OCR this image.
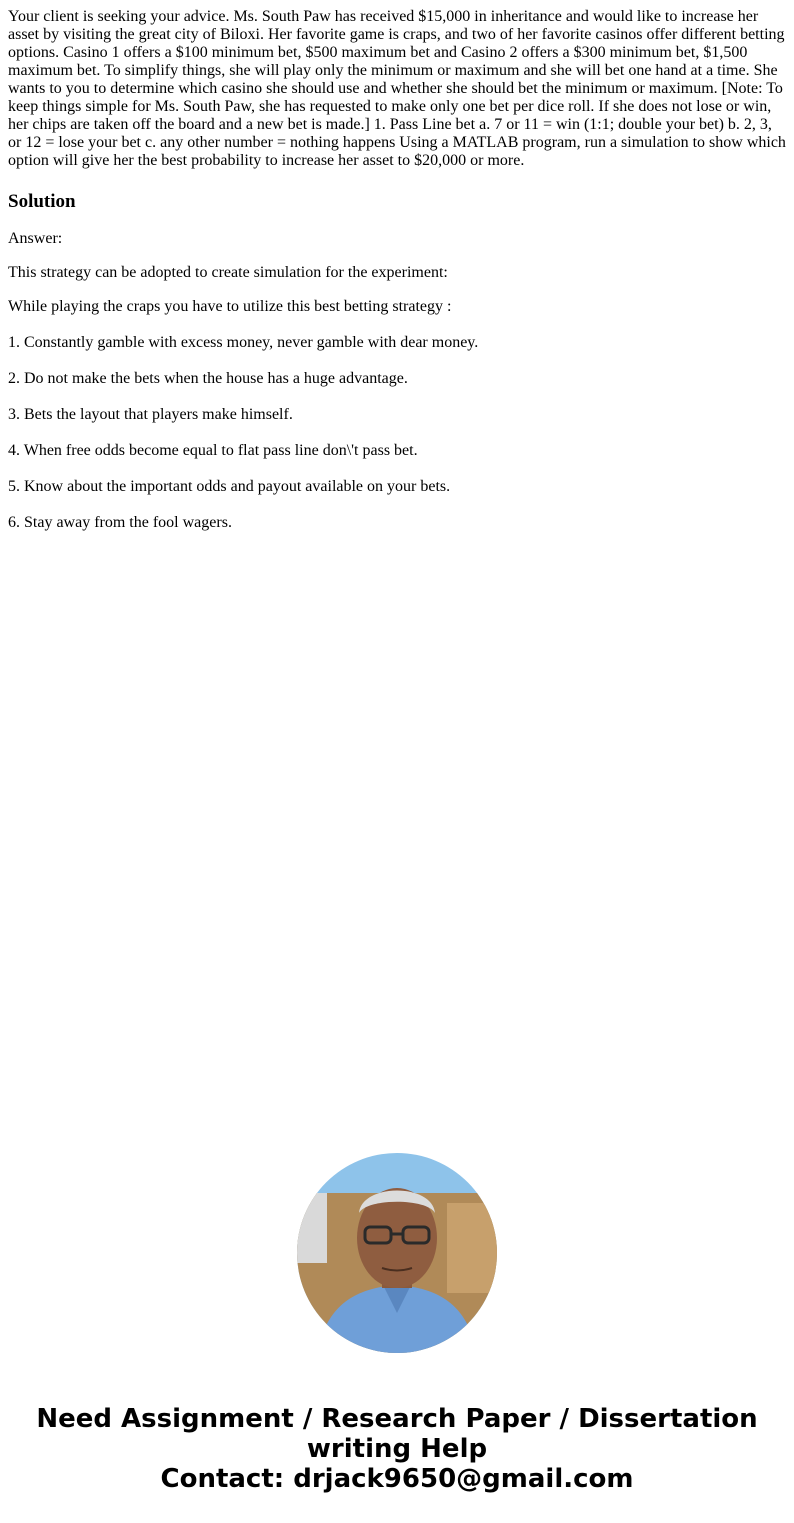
Your client is seeking your advice. Ms. South Paw has received $15,000 in inheritance and would like to increase her asset by visiting the great city of Biloxi. Her favorite game is craps, and two of her favorite casinos offer different betting options. Casino 1 offers a $100 minimum bet, $500 maximum bet and Casino 2 offers a $300 minimum bet, $1,500 maximum bet. To simplify things, she will play only the minimum or maximum and she will bet one hand at a time. She wants to you to determine which casino she should use and whether she should bet the minimum or maximum. [Note: To keep things simple for Ms. South Paw, she has requested to make only one bet per dice roll. If she does not lose or win, her chips are taken off the board and a new bet is made.] 1. Pass Line bet a. 7 or 11 = win (1:1; double your bet) b. 2, 3, or 12 = lose your bet c. any other number = nothing happens Using a MATLAB program, run a simulation to show which option will give her the best probability to increase her asset to $20,000 or more.

Solution

Answer:

This strategy can be adopted to create simulation for the experiment:

While playing the craps you have to utilize this best betting strategy :

1. Constantly gamble with excess money, never gamble with dear money.
2. Do not make the bets when the house has a huge advantage.
3. Bets the layout that players make himself.
4. When free odds become equal to flat pass line don\'t pass bet.
5. Know about the important odds and payout available on your bets.
6. Stay away from the fool wagers.
Need Assignment / Research Paper / Dissertation
writing Help
Contact: drjack9650@gmail.com
